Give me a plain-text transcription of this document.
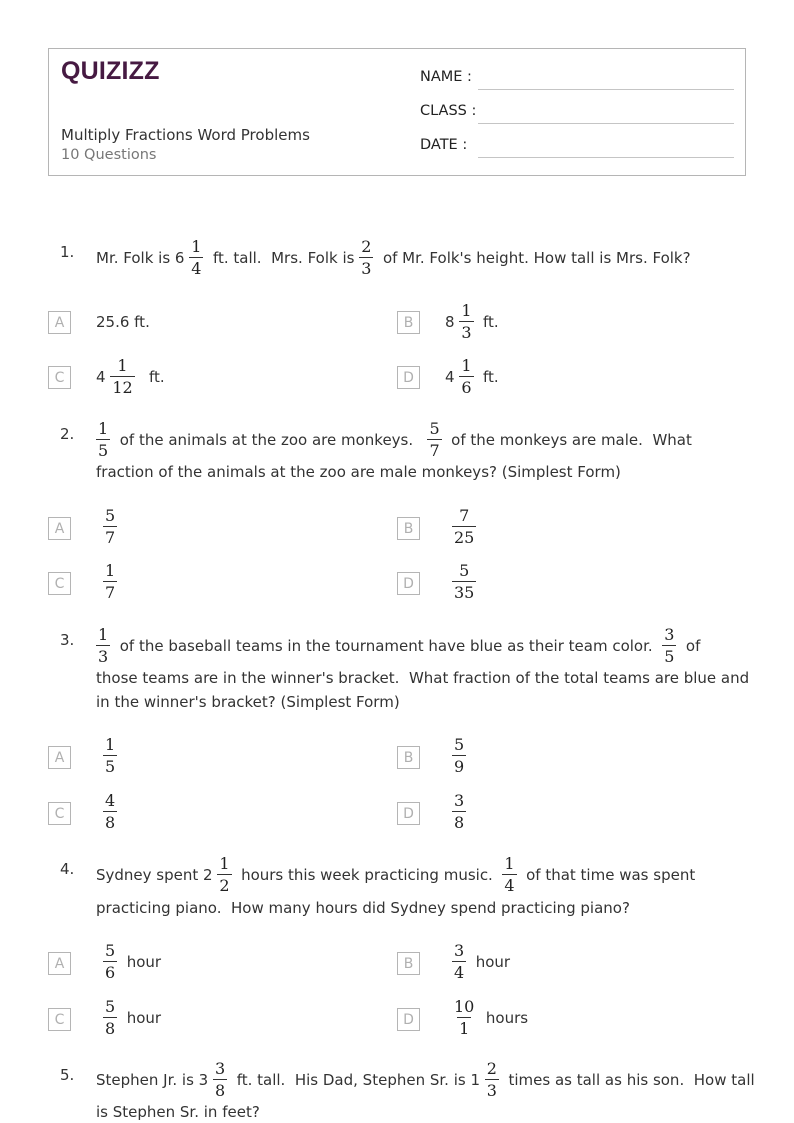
QUIZIZZ
Multiply Fractions Word Problems
10 Questions
NAME :
CLASS :
DATE :
1. Mr. Folk is $6 \frac{1}{4}$ ft. tall.  Mrs. Folk is $\frac{2}{3}$ of Mr. Folk's height. How tall is Mrs. Folk?
A	25.6 ft.	B	$8 \frac{1}{3}$ ft.
C	$4 \frac{1}{12}$ ft.	D	$4 \frac{1}{6}$ ft.
2. $\frac{1}{5}$ of the animals at the zoo are monkeys. $\frac{5}{7}$ of the monkeys are male.  What
fraction of the animals at the zoo are male monkeys? (Simplest Form)
A	$\frac{5}{7}$	B	$\frac{7}{25}$
C	$\frac{1}{7}$	D	$\frac{5}{35}$
3. $\frac{1}{3}$ of the baseball teams in the tournament have blue as their team color. $\frac{3}{5}$ of
those teams are in the winner's bracket.  What fraction of the total teams are blue and
in the winner's bracket? (Simplest Form)
A	$\frac{1}{5}$	B	$\frac{5}{9}$
C	$\frac{4}{8}$	D	$\frac{3}{8}$
4. Sydney spent $2 \frac{1}{2}$ hours this week practicing music. $\frac{1}{4}$ of that time was spent
practicing piano.  How many hours did Sydney spend practicing piano?
A	$\frac{5}{6}$ hour	B	$\frac{3}{4}$ hour
C	$\frac{5}{8}$ hour	D	$\frac{10}{1}$ hours
5. Stephen Jr. is $3 \frac{3}{8}$ ft. tall.  His Dad, Stephen Sr. is $1 \frac{2}{3}$ times as tall as his son.  How tall
is Stephen Sr. in feet?
